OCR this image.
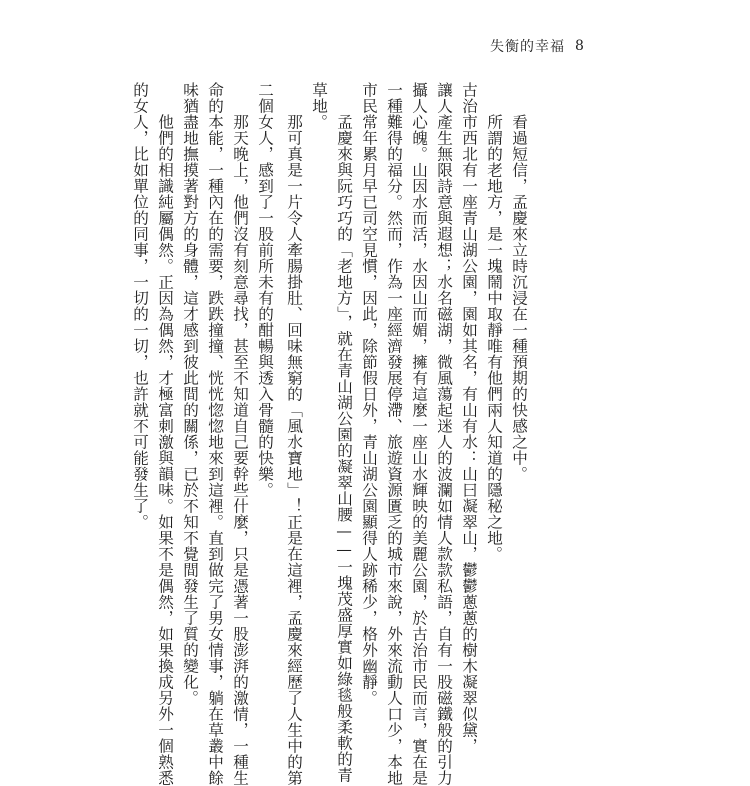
失衡的幸福 8
看過短信，孟慶來立時沉浸在一種預期的快感之中。
所謂的老地方，是一塊鬧中取靜唯有他們兩人知道的隱秘之地。
古治市西北有一座青山湖公園，園如其名，有山有水：山曰凝翠山，鬱鬱蔥蔥的樹木凝翠似黛，
讓人產生無限詩意與遐想；水名磁湖，微風蕩起迷人的波瀾如情人款款私語，自有一股磁鐵般的引力
攝人心魄。山因水而活，水因山而媚，擁有這麼一座山水輝映的美麗公園，於古治市民而言，實在是
一種難得的福分。然而，作為一座經濟發展停滯、旅遊資源匱乏的城市來說，外來流動人口少，本地
市民常年累月早已司空見慣，因此，除節假日外，青山湖公園顯得人跡稀少，格外幽靜。
孟慶來與阮巧巧的「老地方」，就在青山湖公園的凝翠山腰——一塊茂盛厚實如綠毯般柔軟的青
草地。
那可真是一片令人牽腸掛肚、回味無窮的「風水寶地」！正是在這裡，孟慶來經歷了人生中的第
二個女人，感到了一股前所未有的酣暢與透入骨髓的快樂。
那天晚上，他們沒有刻意尋找，甚至不知道自己要幹些什麼，只是憑著一股澎湃的激情，一種生
命的本能，一種內在的需要，跌跌撞撞、恍恍惚惚地來到這裡。直到做完了男女情事，躺在草叢中餘
味猶盡地撫摸著對方的身體，這才感到彼此間的關係，已於不知不覺間發生了質的變化。
他們的相識純屬偶然。正因為偶然，才極富刺激與韻味。如果不是偶然，如果換成另外一個熟悉
的女人，比如單位的同事，一切的一切，也許就不可能發生了。
